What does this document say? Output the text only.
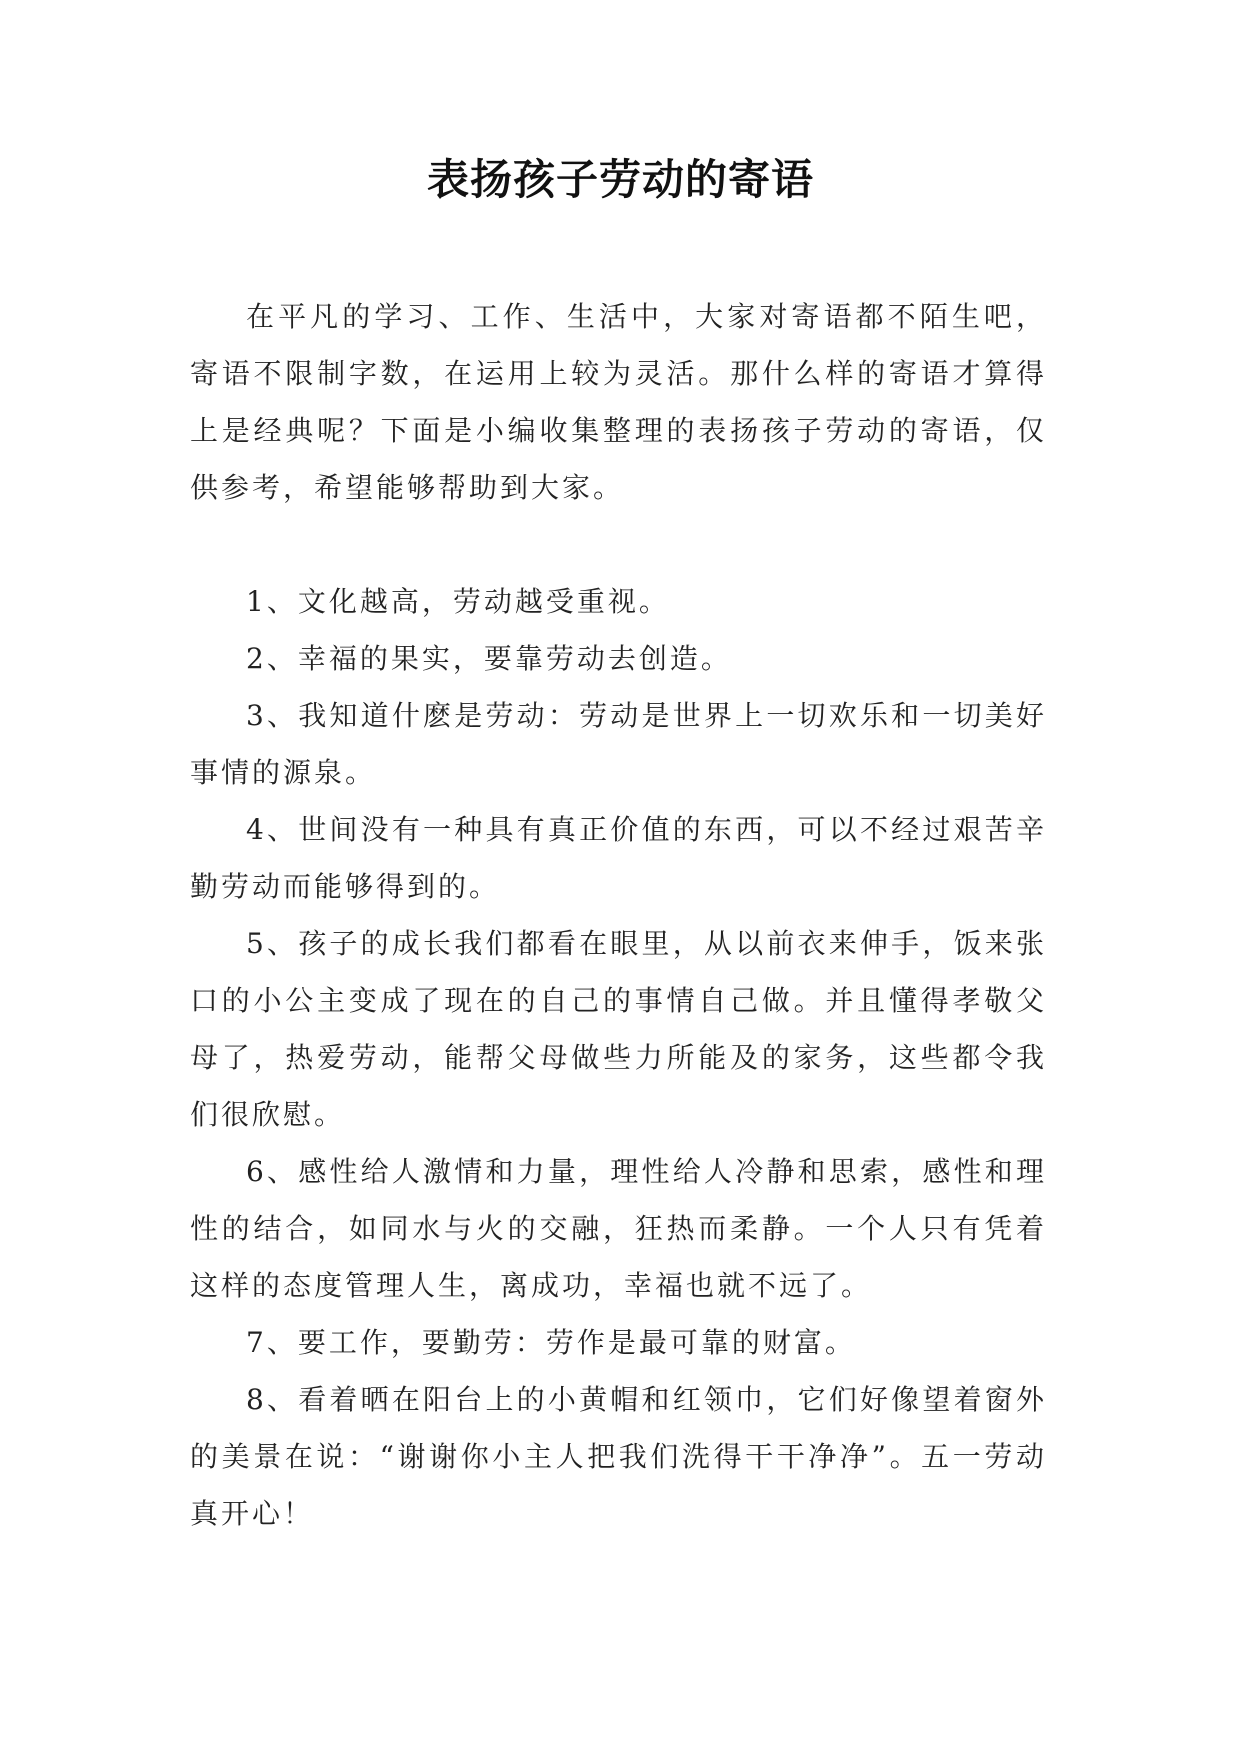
表扬孩子劳动的寄语

在平凡的学习、工作、生活中，大家对寄语都不陌生吧，寄语不限制字数，在运用上较为灵活。那什么样的寄语才算得上是经典呢？下面是小编收集整理的表扬孩子劳动的寄语，仅供参考，希望能够帮助到大家。

1、文化越高，劳动越受重视。

2、幸福的果实，要靠劳动去创造。

3、我知道什麽是劳动：劳动是世界上一切欢乐和一切美好事情的源泉。

4、世间没有一种具有真正价值的东西，可以不经过艰苦辛勤劳动而能够得到的。

5、孩子的成长我们都看在眼里，从以前衣来伸手，饭来张口的小公主变成了现在的自己的事情自己做。并且懂得孝敬父母了，热爱劳动，能帮父母做些力所能及的家务，这些都令我们很欣慰。

6、感性给人激情和力量，理性给人冷静和思索，感性和理性的结合，如同水与火的交融，狂热而柔静。一个人只有凭着这样的态度管理人生，离成功，幸福也就不远了。

7、要工作，要勤劳：劳作是最可靠的财富。

8、看着晒在阳台上的小黄帽和红领巾，它们好像望着窗外的美景在说：“谢谢你小主人把我们洗得干干净净”。五一劳动真开心！
